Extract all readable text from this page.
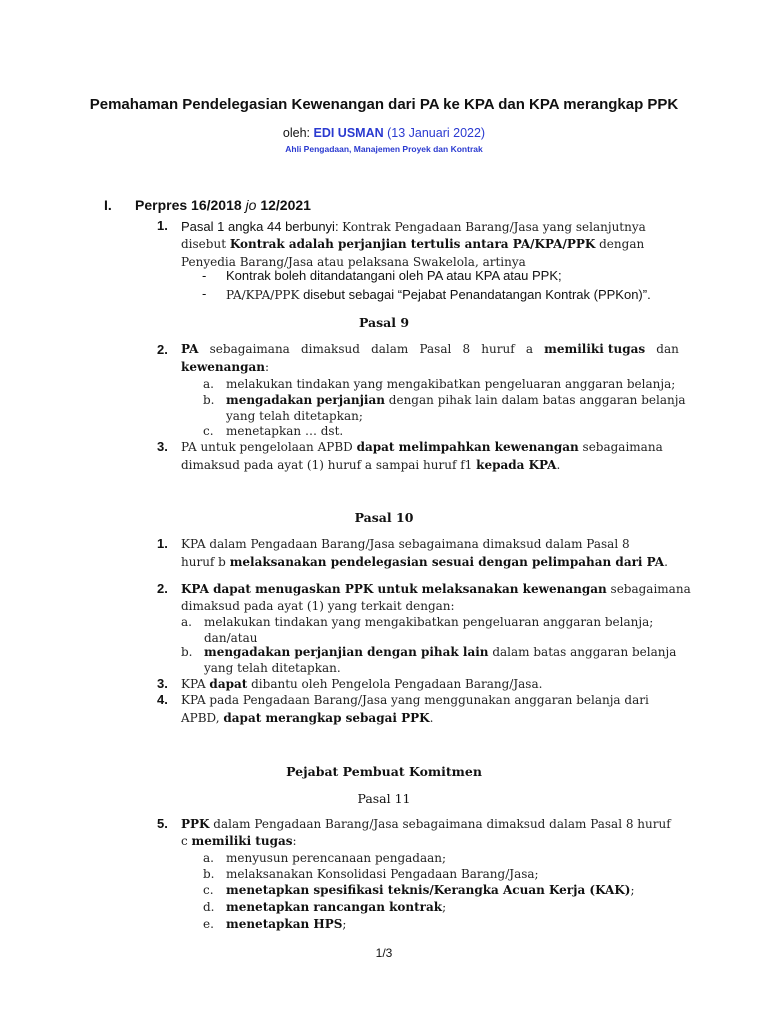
Pemahaman Pendelegasian Kewenangan dari PA ke KPA dan KPA merangkap PPK
oleh: EDI USMAN (13 Januari 2022)
Ahli Pengadaan, Manajemen Proyek dan Kontrak
I. Perpres 16/2018 jo 12/2021
1. Pasal 1 angka 44 berbunyi: Kontrak Pengadaan Barang/Jasa yang selanjutnya
disebut Kontrak adalah perjanjian tertulis antara PA/KPA/PPK dengan
Penyedia Barang/Jasa atau pelaksana Swakelola, artinya
- Kontrak boleh ditandatangani oleh PA atau KPA atau PPK;
- PA/KPA/PPK disebut sebagai “Pejabat Penandatangan Kontrak (PPKon)”.
Pasal 9
2. PA sebagaimana dimaksud dalam Pasal 8 huruf a memiliki tugas dan
kewenangan:
a. melakukan tindakan yang mengakibatkan pengeluaran anggaran belanja;
b. mengadakan perjanjian dengan pihak lain dalam batas anggaran belanja
yang telah ditetapkan;
c. menetapkan … dst.
3. PA untuk pengelolaan APBD dapat melimpahkan kewenangan sebagaimana
dimaksud pada ayat (1) huruf a sampai huruf f1 kepada KPA.
Pasal 10
1. KPA dalam Pengadaan Barang/Jasa sebagaimana dimaksud dalam Pasal 8
huruf b melaksanakan pendelegasian sesuai dengan pelimpahan dari PA.
2. KPA dapat menugaskan PPK untuk melaksanakan kewenangan sebagaimana
dimaksud pada ayat (1) yang terkait dengan:
a. melakukan tindakan yang mengakibatkan pengeluaran anggaran belanja;
dan/atau
b. mengadakan perjanjian dengan pihak lain dalam batas anggaran belanja
yang telah ditetapkan.
3. KPA dapat dibantu oleh Pengelola Pengadaan Barang/Jasa.
4. KPA pada Pengadaan Barang/Jasa yang menggunakan anggaran belanja dari
APBD, dapat merangkap sebagai PPK.
Pejabat Pembuat Komitmen
Pasal 11
5. PPK dalam Pengadaan Barang/Jasa sebagaimana dimaksud dalam Pasal 8 huruf
c memiliki tugas:
a. menyusun perencanaan pengadaan;
b. melaksanakan Konsolidasi Pengadaan Barang/Jasa;
c. menetapkan spesifikasi teknis/Kerangka Acuan Kerja (KAK);
d. menetapkan rancangan kontrak;
e. menetapkan HPS;
1/3
